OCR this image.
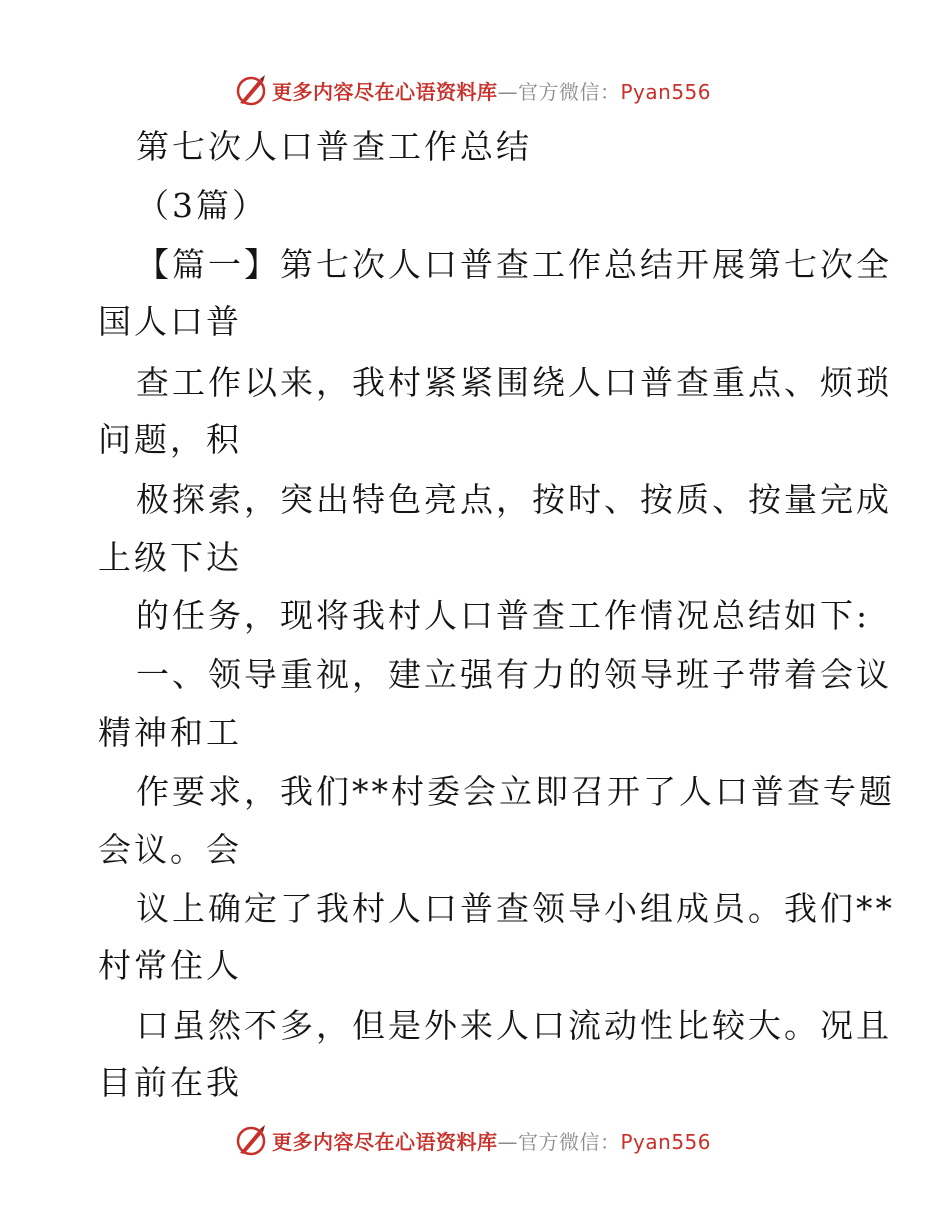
更多内容尽在心语资料库—官方微信：Pyan556
第七次人口普查工作总结
（3篇）
【篇一】第七次人口普查工作总结开展第七次全
国人口普
查工作以来，我村紧紧围绕人口普查重点、烦琐
问题，积
极探索，突出特色亮点，按时、按质、按量完成
上级下达
的任务，现将我村人口普查工作情况总结如下:
一、领导重视，建立强有力的领导班子带着会议
精神和工
作要求，我们**村委会立即召开了人口普查专题
会议。会
议上确定了我村人口普查领导小组成员。我们**
村常住人
口虽然不多，但是外来人口流动性比较大。况且
目前在我
更多内容尽在心语资料库—官方微信：Pyan556
